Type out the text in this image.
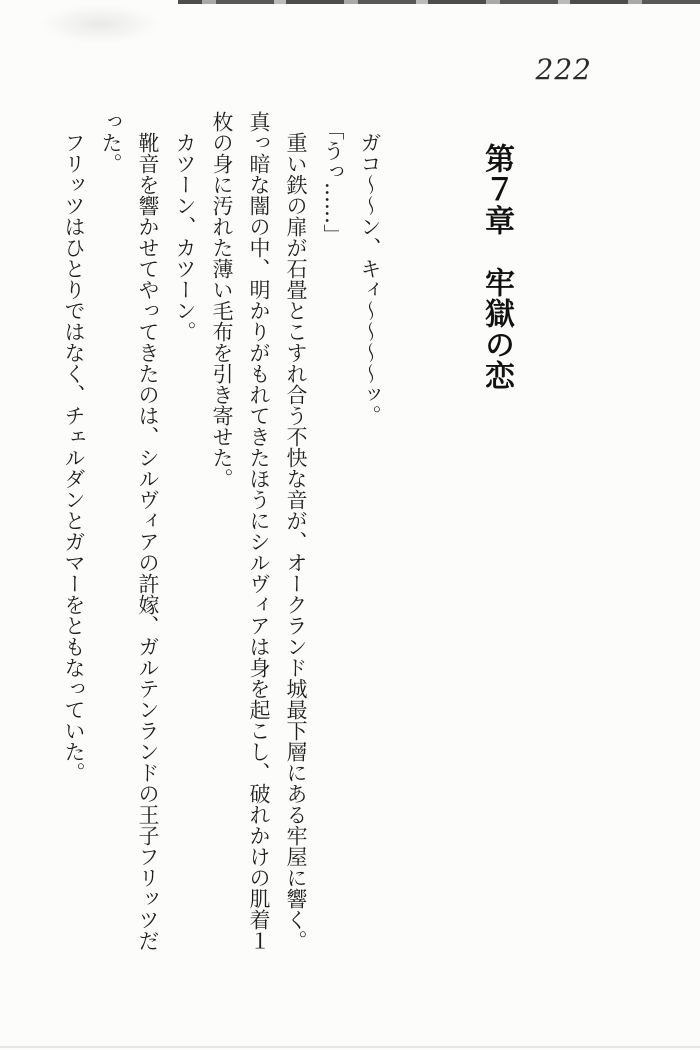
222
第７章　牢獄の恋

ガコ〜〜ン、キィ〜〜〜〜ッ。

「うっ……」

重い鉄の扉が石畳とこすれ合う不快な音が、オークランド城最下層にある牢屋に響く。

真っ暗な闇の中、明かりがもれてきたほうにシルヴィアは身を起こし、破れかけの肌着１枚の身に汚れた薄い毛布を引き寄せた。

カツーン、カツーン。

靴音を響かせてやってきたのは、シルヴィアの許嫁、ガルテンランドの王子フリッツだった。

フリッツはひとりではなく、チェルダンとガマーをともなっていた。
